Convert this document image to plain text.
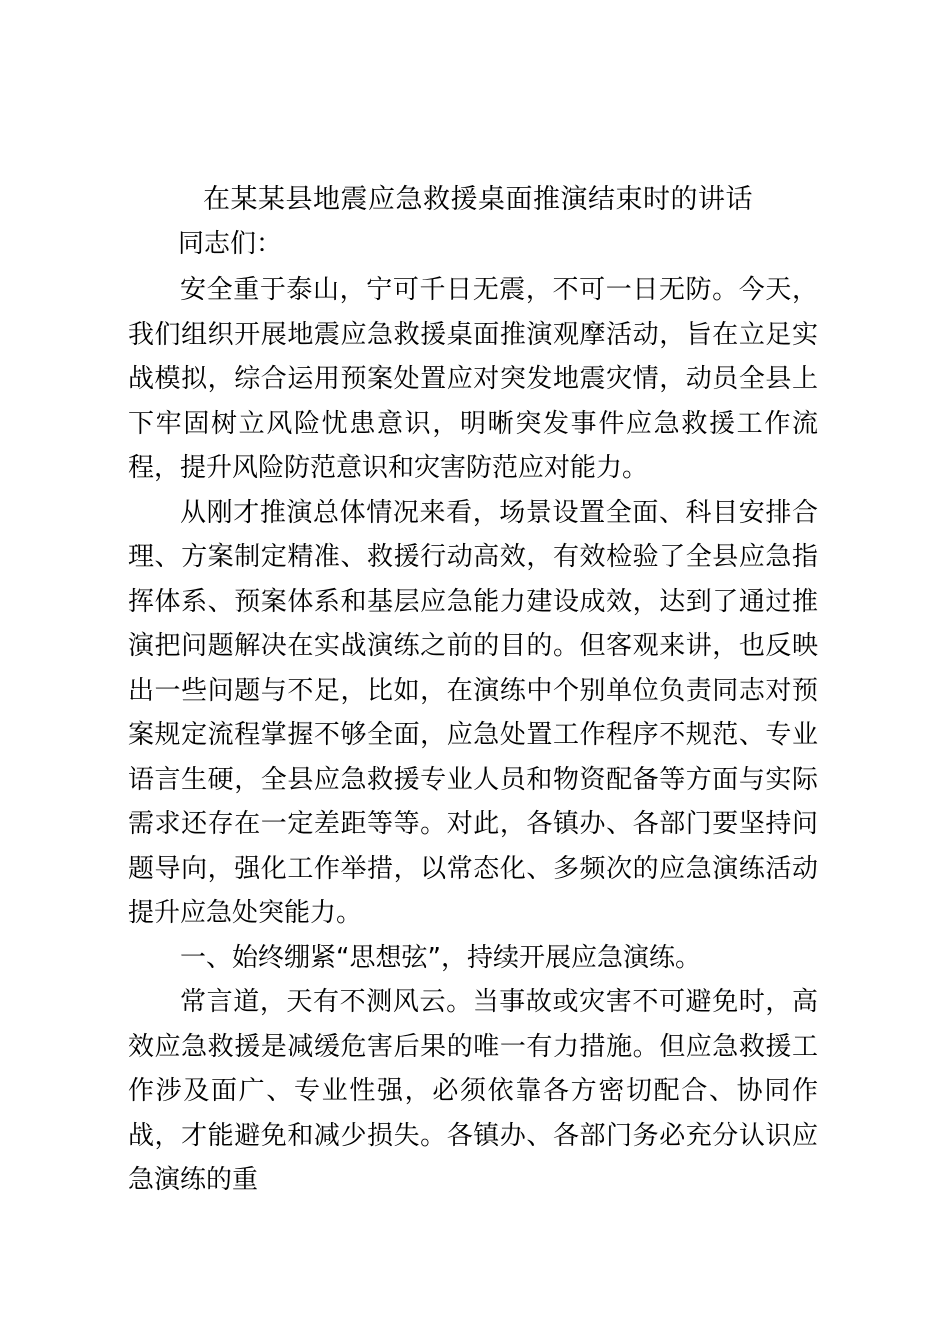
在某某县地震应急救援桌面推演结束时的讲话
同志们：

安全重于泰山，宁可千日无震，不可一日无防。今天，我们组织开展地震应急救援桌面推演观摩活动，旨在立足实战模拟，综合运用预案处置应对突发地震灾情，动员全县上下牢固树立风险忧患意识，明晰突发事件应急救援工作流程，提升风险防范意识和灾害防范应对能力。

从刚才推演总体情况来看，场景设置全面、科目安排合理、方案制定精准、救援行动高效，有效检验了全县应急指挥体系、预案体系和基层应急能力建设成效，达到了通过推演把问题解决在实战演练之前的目的。但客观来讲，也反映出一些问题与不足，比如，在演练中个别单位负责同志对预案规定流程掌握不够全面，应急处置工作程序不规范、专业语言生硬，全县应急救援专业人员和物资配备等方面与实际需求还存在一定差距等等。对此，各镇办、各部门要坚持问题导向，强化工作举措，以常态化、多频次的应急演练活动提升应急处突能力。

一、始终绷紧“思想弦”，持续开展应急演练。

常言道，天有不测风云。当事故或灾害不可避免时，高效应急救援是减缓危害后果的唯一有力措施。但应急救援工作涉及面广、专业性强，必须依靠各方密切配合、协同作战，才能避免和减少损失。各镇办、各部门务必充分认识应急演练的重
